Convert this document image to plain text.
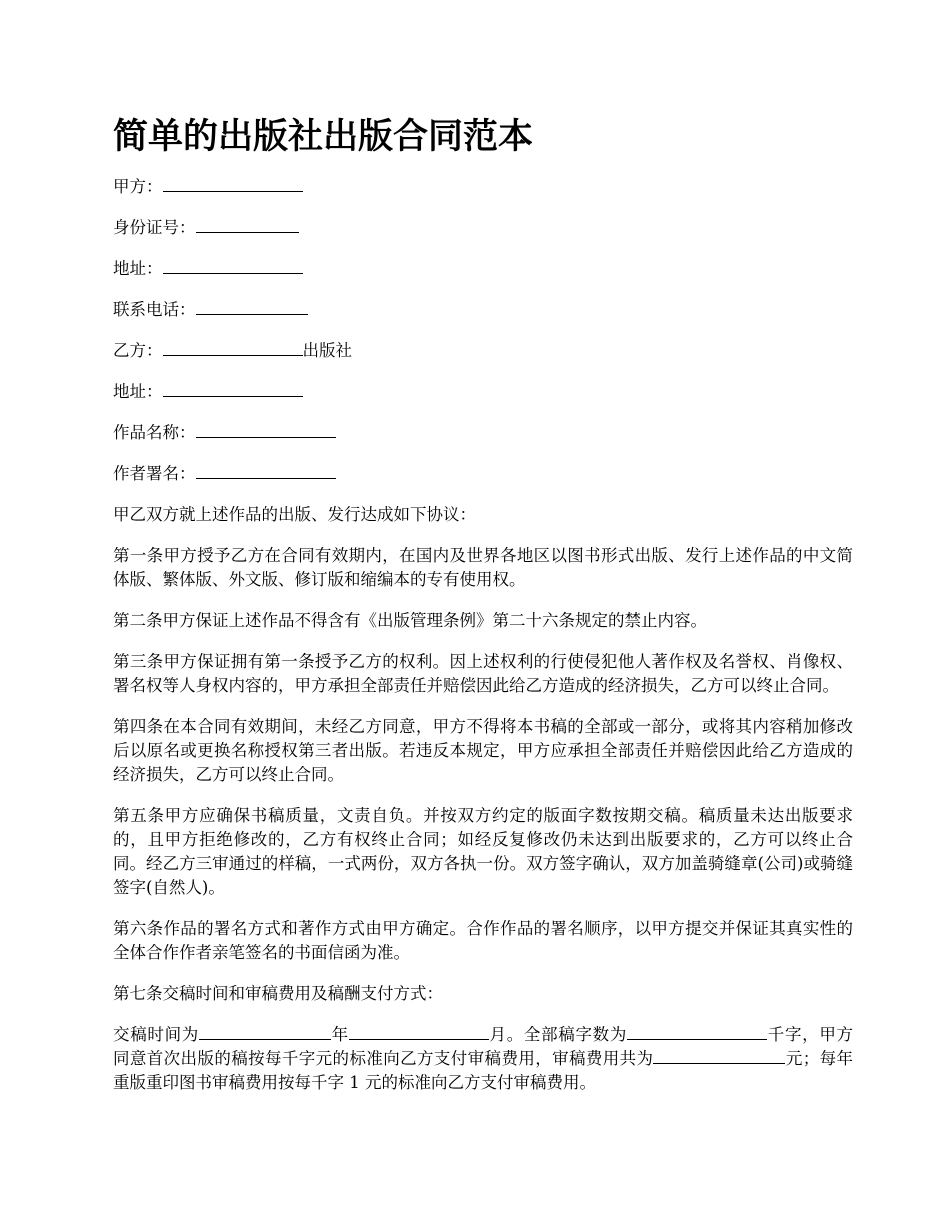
简单的出版社出版合同范本
甲方：
身份证号：
地址：
联系电话：
乙方：	出版社
地址：
作品名称：
作者署名：

甲乙双方就上述作品的出版、发行达成如下协议：

第一条甲方授予乙方在合同有效期内，在国内及世界各地区以图书形式出版、发行上述作品的中文简体版、繁体版、外文版、修订版和缩编本的专有使用权。

第二条甲方保证上述作品不得含有《出版管理条例》第二十六条规定的禁止内容。

第三条甲方保证拥有第一条授予乙方的权利。因上述权利的行使侵犯他人著作权及名誉权、肖像权、署名权等人身权内容的，甲方承担全部责任并赔偿因此给乙方造成的经济损失，乙方可以终止合同。

第四条在本合同有效期间，未经乙方同意，甲方不得将本书稿的全部或一部分，或将其内容稍加修改后以原名或更换名称授权第三者出版。若违反本规定，甲方应承担全部责任并赔偿因此给乙方造成的经济损失，乙方可以终止合同。

第五条甲方应确保书稿质量，文责自负。并按双方约定的版面字数按期交稿。稿质量未达出版要求的，且甲方拒绝修改的，乙方有权终止合同；如经反复修改仍未达到出版要求的，乙方可以终止合同。经乙方三审通过的样稿，一式两份，双方各执一份。双方签字确认，双方加盖骑缝章(公司)或骑缝签字(自然人)。

第六条作品的署名方式和著作方式由甲方确定。合作作品的署名顺序，以甲方提交并保证其真实性的全体合作作者亲笔签名的书面信函为准。

第七条交稿时间和审稿费用及稿酬支付方式：

交稿时间为	年	月。全部稿字数为	千字，甲方同意首次出版的稿按每千字元的标准向乙方支付审稿费用，审稿费用共为	元；每年重版重印图书审稿费用按每千字 1 元的标准向乙方支付审稿费用。
